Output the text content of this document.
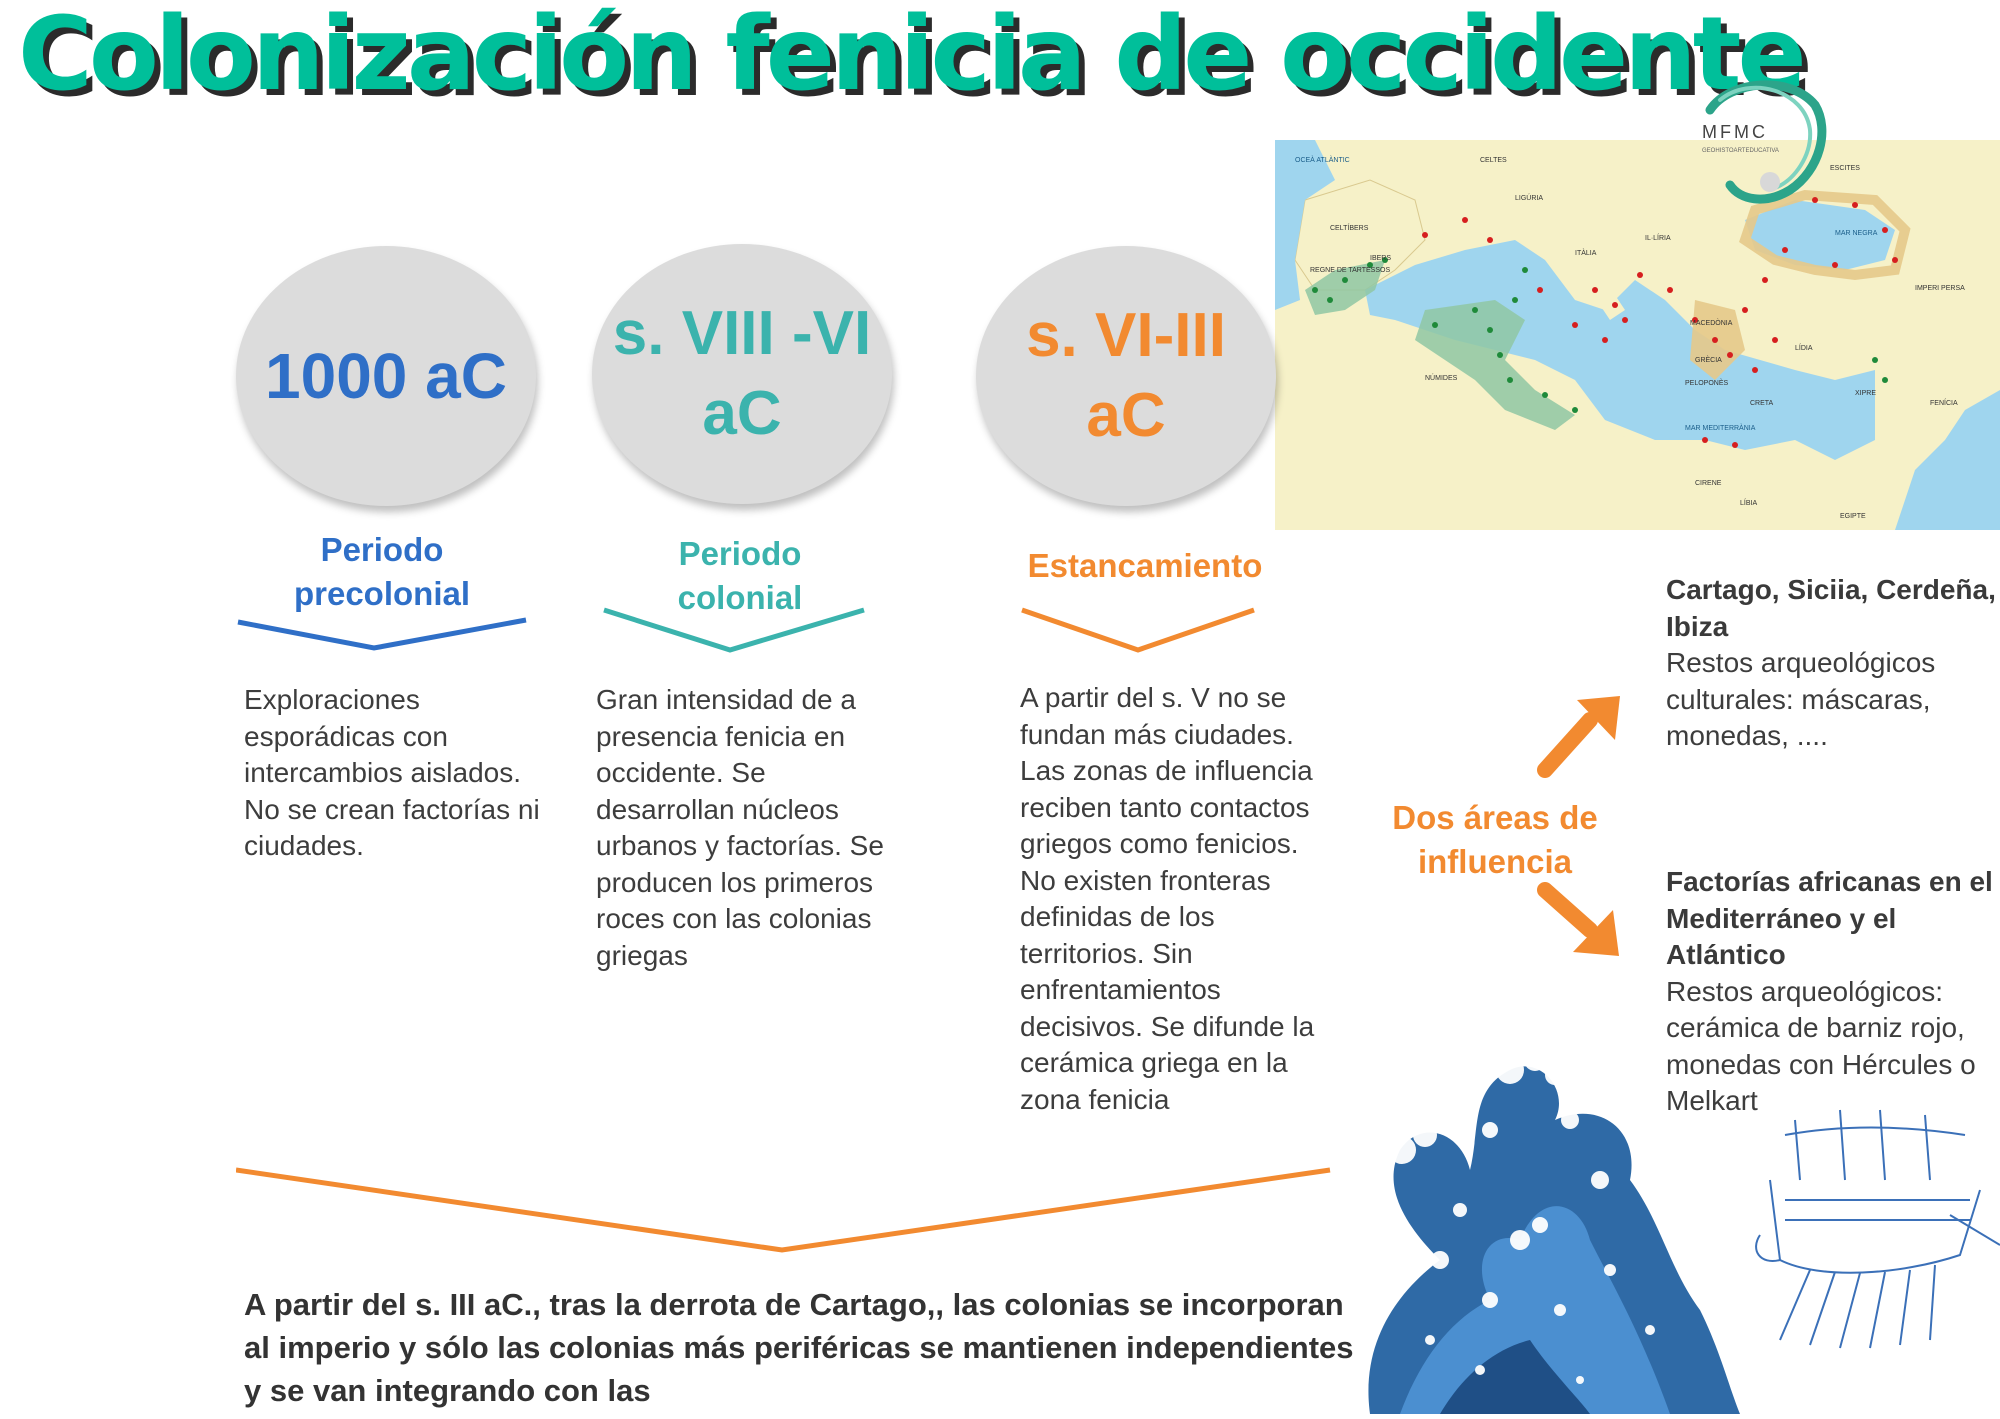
Colonización fenicia de occidente
OCEÀ ATLÀNTIC
MAR MEDITERRÀNIA
MAR NEGRA
CELTES
LIGÚRIA
CELTÍBERS
IBERS
REGNE DE TARTESSOS
ITÀLIA
IL·LÍRIA
MACEDÒNIA
GRÈCIA
PELOPONÈS
ESCITES
IMPERI PERSA
LÍDIA
NÚMIDES
CRETA
XIPRE
CIRENE
LÍBIA
EGIPTE
FENÍCIA
MFMC
GEOHISTOARTEDUCATIVA
1000 aC
s. VIII -VI aC
s. VI-III aC
Periodo precolonial
Periodo colonial
Estancamiento
Exploraciones esporádicas con intercambios aislados. No se crean factorías ni ciudades.
Gran intensidad de a presencia fenicia en occidente. Se desarrollan núcleos urbanos y factorías. Se producen los primeros roces con las colonias griegas
A partir del s. V no se fundan más ciudades. Las zonas de influencia reciben tanto contactos griegos como fenicios. No existen fronteras definidas de los territorios. Sin enfrentamientos decisivos. Se difunde la cerámica griega en la zona fenicia
Dos áreas de influencia
Cartago, Siciia, Cerdeña, Ibiza
Restos arqueológicos culturales: máscaras, monedas, ....
Factorías africanas en el Mediterráneo y el Atlántico
Restos arqueológicos: cerámica de barniz rojo, monedas con Hércules o Melkart
A partir del s. III aC., tras la derrota de Cartago,, las colonias se incorporan al imperio y sólo las colonias más periféricas se mantienen independientes y se van integrando con las
